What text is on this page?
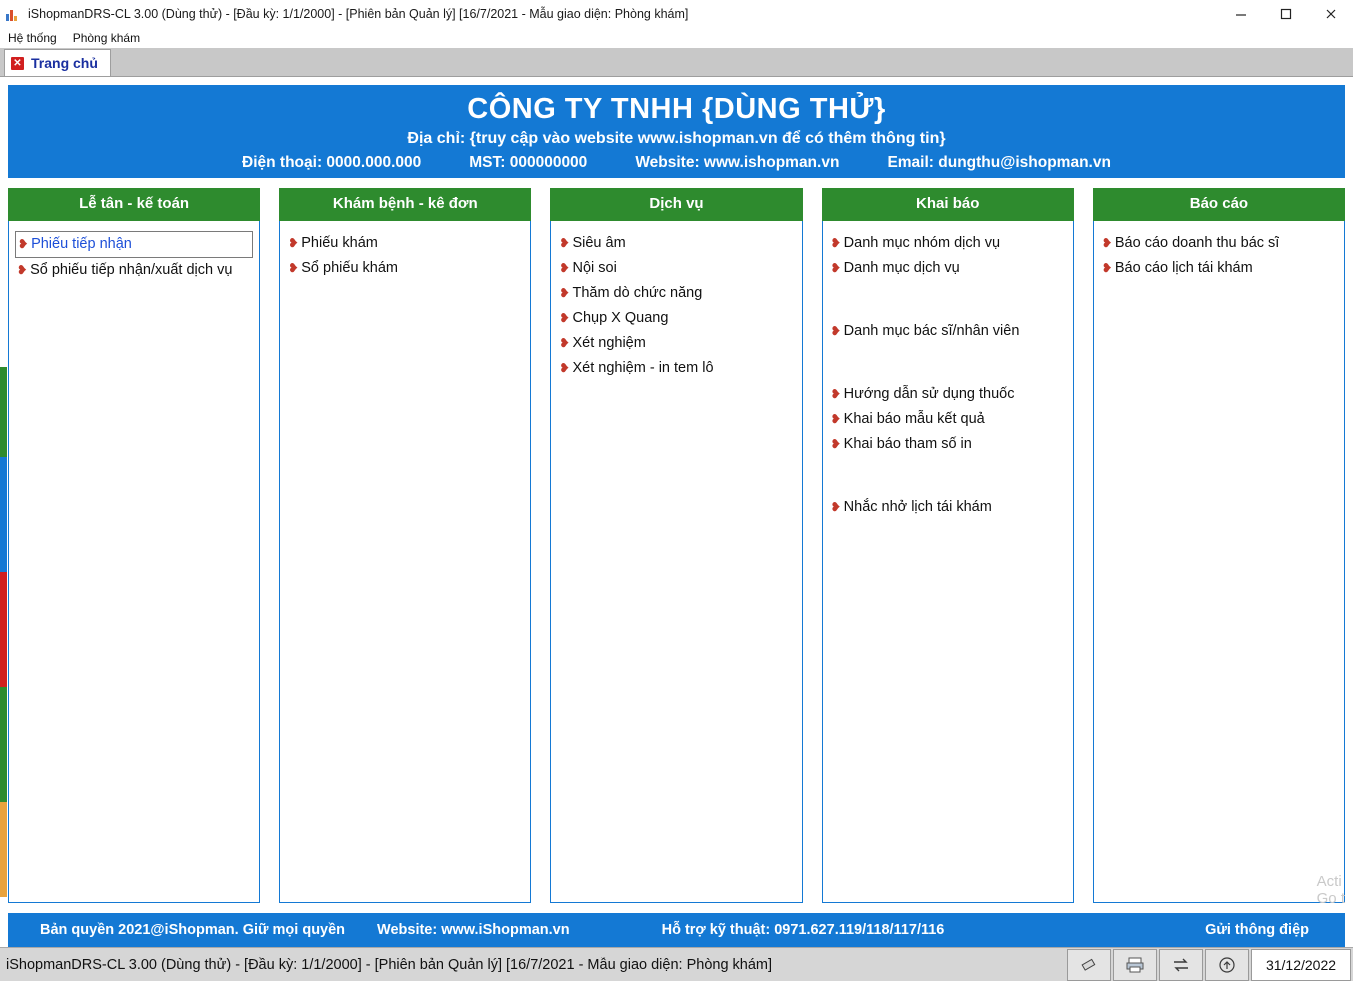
iShopmanDRS-CL 3.00 (Dùng thử) - [Đầu kỳ: 1/1/2000] - [Phiên bản Quản lý] [16/7/2021 - Mẫu giao diện: Phòng khám]
Hệ thống Phòng khám
✕ Trang chủ
CÔNG TY TNHH {DÙNG THỬ}
Địa chỉ: {truy cập vào website www.ishopman.vn để có thêm thông tin}
Điện thoại: 0000.000.000	MST: 000000000	Website: www.ishopman.vn	Email: dungthu@ishopman.vn
Lễ tân - kế toán
❥ Phiếu tiếp nhận
❥ Sổ phiếu tiếp nhận/xuất dịch vụ
Khám bệnh - kê đơn
❥ Phiếu khám
❥ Sổ phiếu khám
Dịch vụ
❥ Siêu âm
❥ Nội soi
❥ Thăm dò chức năng
❥ Chụp X Quang
❥ Xét nghiệm
❥ Xét nghiệm - in tem lô
Khai báo
❥ Danh mục nhóm dịch vụ
❥ Danh mục dịch vụ
❥ Danh mục bác sĩ/nhân viên
❥ Hướng dẫn sử dụng thuốc
❥ Khai báo mẫu kết quả
❥ Khai báo tham số in
❥ Nhắc nhở lịch tái khám
Báo cáo
❥ Báo cáo doanh thu bác sĩ
❥ Báo cáo lịch tái khám
Bản quyền 2021@iShopman. Giữ mọi quyền Website: www.iShopman.vn	Hỗ trợ kỹ thuật: 0971.627.119/118/117/116	Gửi thông điệp
Acti
Go t
iShopmanDRS-CL 3.00 (Dùng thử) - [Đầu kỳ: 1/1/2000] - [Phiên bản Quản lý] [16/7/2021 - Mẫu giao diện: Phòng khám]	31/12/2022
